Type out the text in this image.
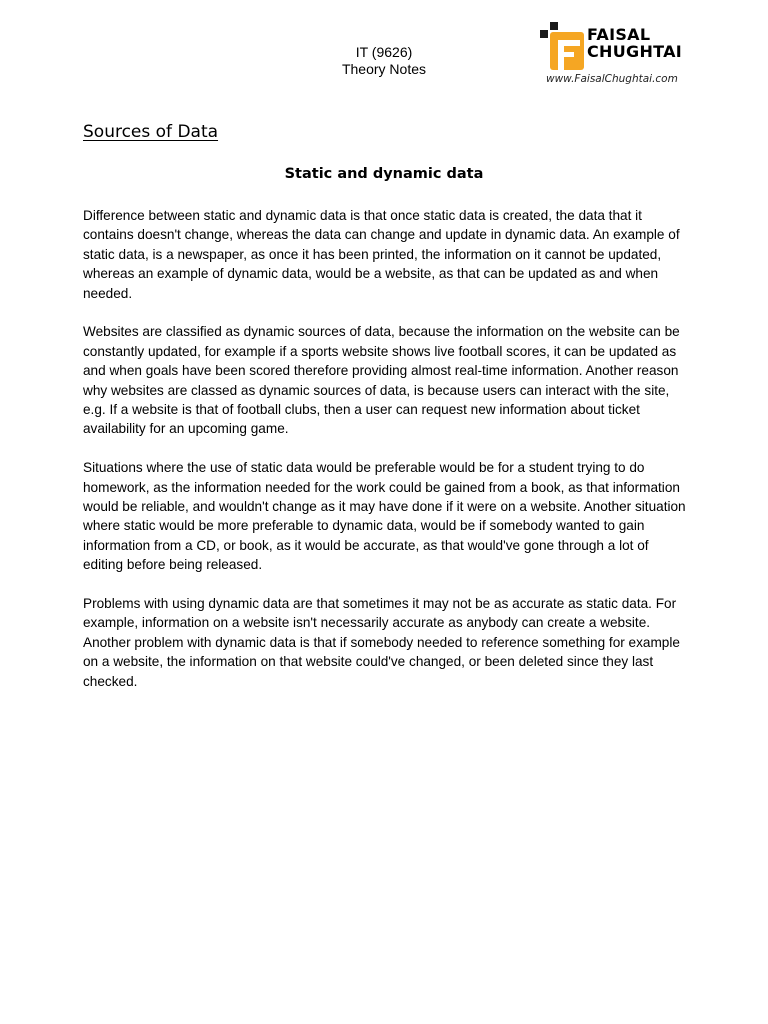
IT (9626)
Theory Notes
FAISAL
CHUGHTAI
www.FaisalChughtai.com
Sources of Data
Static and dynamic data

Difference between static and dynamic data is that once static data is created, the data that it contains doesn't change, whereas the data can change and update in dynamic data. An example of static data, is a newspaper, as once it has been printed, the information on it cannot be updated, whereas an example of dynamic data, would be a website, as that can be updated as and when needed.

Websites are classified as dynamic sources of data, because the information on the website can be constantly updated, for example if a sports website shows live football scores, it can be updated as and when goals have been scored therefore providing almost real-time information. Another reason why websites are classed as dynamic sources of data, is because users can interact with the site, e.g. If a website is that of football clubs, then a user can request new information about ticket availability for an upcoming game.

Situations where the use of static data would be preferable would be for a student trying to do homework, as the information needed for the work could be gained from a book, as that information would be reliable, and wouldn't change as it may have done if it were on a website. Another situation where static would be more preferable to dynamic data, would be if somebody wanted to gain information from a CD, or book, as it would be accurate, as that would've gone through a lot of editing before being released.

Problems with using dynamic data are that sometimes it may not be as accurate as static data. For example, information on a website isn't necessarily accurate as anybody can create a website. Another problem with dynamic data is that if somebody needed to reference something for example on a website, the information on that website could've changed, or been deleted since they last checked.
